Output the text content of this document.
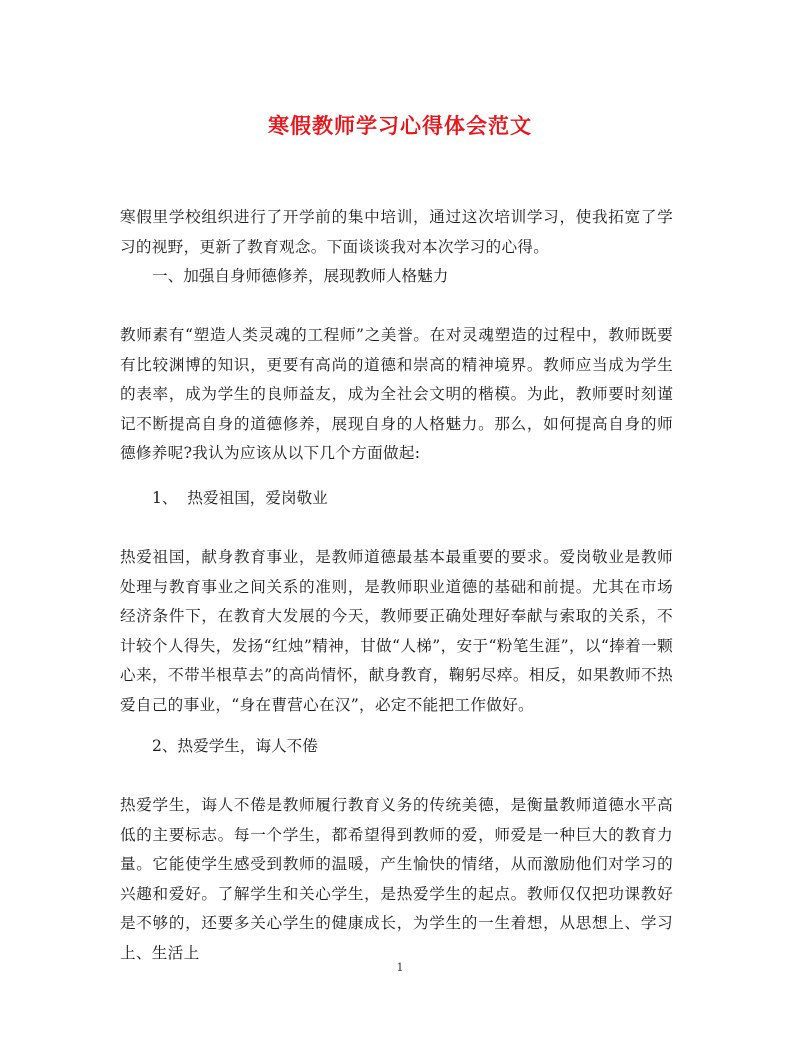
寒假教师学习心得体会范文

寒假里学校组织进行了开学前的集中培训，通过这次培训学习，使我拓宽了学习的视野，更新了教育观念。下面谈谈我对本次学习的心得。

一、加强自身师德修养，展现教师人格魅力

教师素有“塑造人类灵魂的工程师”之美誉。在对灵魂塑造的过程中，教师既要有比较渊博的知识，更要有高尚的道德和崇高的精神境界。教师应当成为学生的表率，成为学生的良师益友，成为全社会文明的楷模。为此，教师要时刻谨记不断提高自身的道德修养，展现自身的人格魅力。那么，如何提高自身的师德修养呢?我认为应该从以下几个方面做起:

1、  热爱祖国，爱岗敬业

热爱祖国，献身教育事业，是教师道德最基本最重要的要求。爱岗敬业是教师处理与教育事业之间关系的准则，是教师职业道德的基础和前提。尤其在市场经济条件下，在教育大发展的今天，教师要正确处理好奉献与索取的关系，不计较个人得失，发扬“红烛”精神，甘做“人梯”，安于“粉笔生涯”，以“捧着一颗心来，不带半根草去”的高尚情怀，献身教育，鞠躬尽瘁。相反，如果教师不热爱自己的事业，“身在曹营心在汉”，必定不能把工作做好。

2、热爱学生，诲人不倦

热爱学生，诲人不倦是教师履行教育义务的传统美德，是衡量教师道德水平高低的主要标志。每一个学生，都希望得到教师的爱，师爱是一种巨大的教育力量。它能使学生感受到教师的温暖，产生愉快的情绪，从而激励他们对学习的兴趣和爱好。了解学生和关心学生，是热爱学生的起点。教师仅仅把功课教好是不够的，还要多关心学生的健康成长，为学生的一生着想，从思想上、学习上、生活上

1
